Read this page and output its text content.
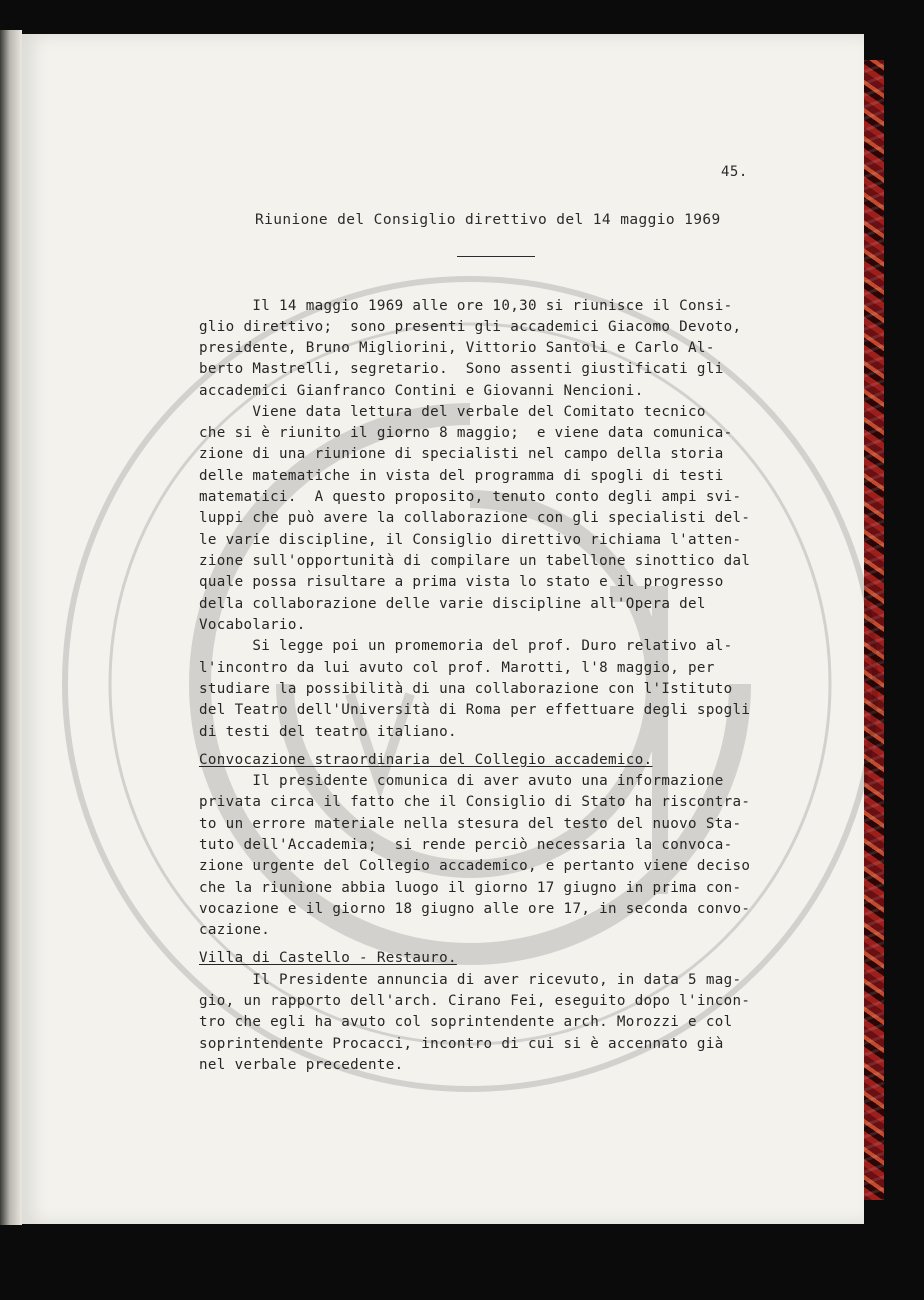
45.
Riunione del Consiglio direttivo del 14 maggio 1969
Il 14 maggio 1969 alle ore 10,30 si riunisce il Consi-
glio direttivo;  sono presenti gli accademici Giacomo Devoto,
presidente, Bruno Migliorini, Vittorio Santoli e Carlo Al-
berto Mastrelli, segretario.  Sono assenti giustificati gli
accademici Gianfranco Contini e Giovanni Nencioni.
Viene data lettura del verbale del Comitato tecnico
che si è riunito il giorno 8 maggio;  e viene data comunica-
zione di una riunione di specialisti nel campo della storia
delle matematiche in vista del programma di spogli di testi
matematici.  A questo proposito, tenuto conto degli ampi svi-
luppi che può avere la collaborazione con gli specialisti del-
le varie discipline, il Consiglio direttivo richiama l'atten-
zione sull'opportunità di compilare un tabellone sinottico dal
quale possa risultare a prima vista lo stato e il progresso
della collaborazione delle varie discipline all'Opera del
Vocabolario.
Si legge poi un promemoria del prof. Duro relativo al-
l'incontro da lui avuto col prof. Marotti, l'8 maggio, per
studiare la possibilità di una collaborazione con l'Istituto
del Teatro dell'Università di Roma per effettuare degli spogli
di testi del teatro italiano.
Convocazione straordinaria del Collegio accademico.
Il presidente comunica di aver avuto una informazione
privata circa il fatto che il Consiglio di Stato ha riscontra-
to un errore materiale nella stesura del testo del nuovo Sta-
tuto dell'Accademia;  si rende perciò necessaria la convoca-
zione urgente del Collegio accademico, e pertanto viene deciso
che la riunione abbia luogo il giorno 17 giugno in prima con-
vocazione e il giorno 18 giugno alle ore 17, in seconda convo-
cazione.
Villa di Castello - Restauro.
Il Presidente annuncia di aver ricevuto, in data 5 mag-
gio, un rapporto dell'arch. Cirano Fei, eseguito dopo l'incon-
tro che egli ha avuto col soprintendente arch. Morozzi e col
soprintendente Procacci, incontro di cui si è accennato già
nel verbale precedente.
